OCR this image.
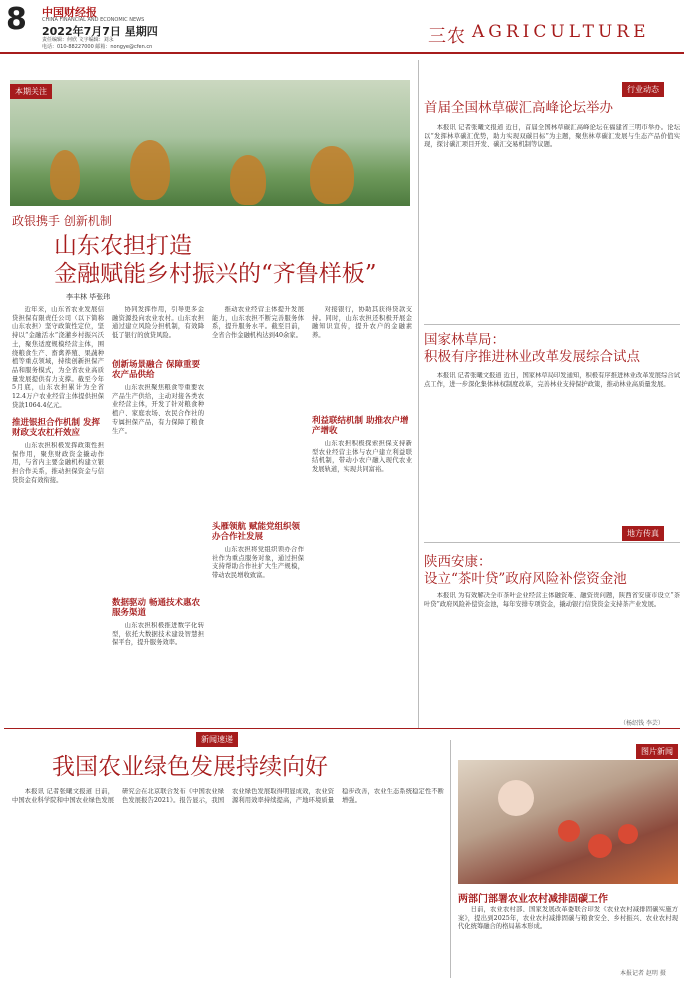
8 中国财经报
CHINA FINANCIAL AND ECONOMIC NEWS
2022年7月7日 星期四
责任编辑：何欣 文字编辑：刘永
电话：010-88227000 邮箱：nongye@cfen.cn	三农 AGRICULTURE
本期关注
政银携手 创新机制
山东农担打造
金融赋能乡村振兴的“齐鲁样板”
李丰林 毕张玮

近年来，山东省农业发展信贷担保有限责任公司（以下简称山东农担）坚守政策性定位，坚持以“金融活水”浇灌乡村振兴沃土，聚焦适度规模经营主体，围绕粮食生产、畜禽养殖、果蔬种植等重点领域，持续创新担保产品和服务模式，为全省农业高质量发展提供有力支撑。截至今年5月底，山东农担累计为全省12.4万户农业经营主体提供担保贷款1064.4亿元。

推进银担合作机制 发挥财政支农杠杆效应

山东农担积极发挥政策性担保作用，聚焦财政资金撬动作用，与省内主要金融机构建立银担合作关系，推动担保资金与信贷资金有效衔接。

协同发挥作用，引导更多金融资源投向农业农村。山东农担通过建立风险分担机制，有效降低了银行的放贷风险。

创新场景融合 保障重要农产品供给

山东农担聚焦粮食等重要农产品生产供给，主动对接各类农业经营主体，开发了针对粮食种植户、家庭农场、农民合作社的专属担保产品，有力保障了粮食生产。

数据驱动 畅通技术惠农服务渠道

山东农担积极推进数字化转型，依托大数据技术建设智慧担保平台，提升服务效率。

推动农业经营主体提升发展能力，山东农担不断完善服务体系，提升服务水平。截至目前，全省合作金融机构达到40余家。

头雁领航 赋能党组织领办合作社发展

山东农担将党组织领办合作社作为重点服务对象，通过担保支持帮助合作社扩大生产规模，带动农民增收致富。

对接银行，协助其获得贷款支持。同时，山东农担还积极开展金融知识宣传，提升农户的金融素养。

利益联结机制 助推农户增产增收

山东农担积极探索担保支持新型农业经营主体与农户建立利益联结机制，带动小农户融入现代农业发展轨道，实现共同富裕。

行业动态
首届全国林草碳汇高峰论坛举办

本报讯 记者张曦文报道 近日，首届全国林草碳汇高峰论坛在福建省三明市举办。论坛以“发挥林草碳汇优势，助力实现双碳目标”为主题，聚焦林草碳汇发展与生态产品价值实现，探讨碳汇项目开发、碳汇交易机制等议题。

国家林草局：
积极有序推进林业改革发展综合试点

本报讯 记者张曦文报道 近日，国家林草局印发通知，积极有序推进林业改革发展综合试点工作，进一步深化集体林权制度改革，完善林业支持保护政策，推动林业高质量发展。

地方传真
陕西安康：
设立“茶叶贷”政府风险补偿资金池

本报讯 为有效解决全市茶叶企业经营主体融资难、融资贵问题，陕西省安康市设立“茶叶贷”政府风险补偿资金池，每年安排专项资金，撬动银行信贷资金支持茶产业发展。

（杨绍钱 李芸）
新闻速递
我国农业绿色发展持续向好

本报讯 记者张曦文报道 日前，中国农业科学院和中国农业绿色发展研究会在北京联合发布《中国农业绿色发展报告2021》。报告显示，我国农业绿色发展取得明显成效，农业资源利用效率持续提高，产地环境质量稳步改善，农业生态系统稳定性不断增强。

图片新闻
两部门部署农业农村减排固碳工作

日前，农业农村部、国家发展改革委联合印发《农业农村减排固碳实施方案》，提出到2025年，农业农村减排固碳与粮食安全、乡村振兴、农业农村现代化统筹融合的格局基本形成。

本报记者 赵明 摄
